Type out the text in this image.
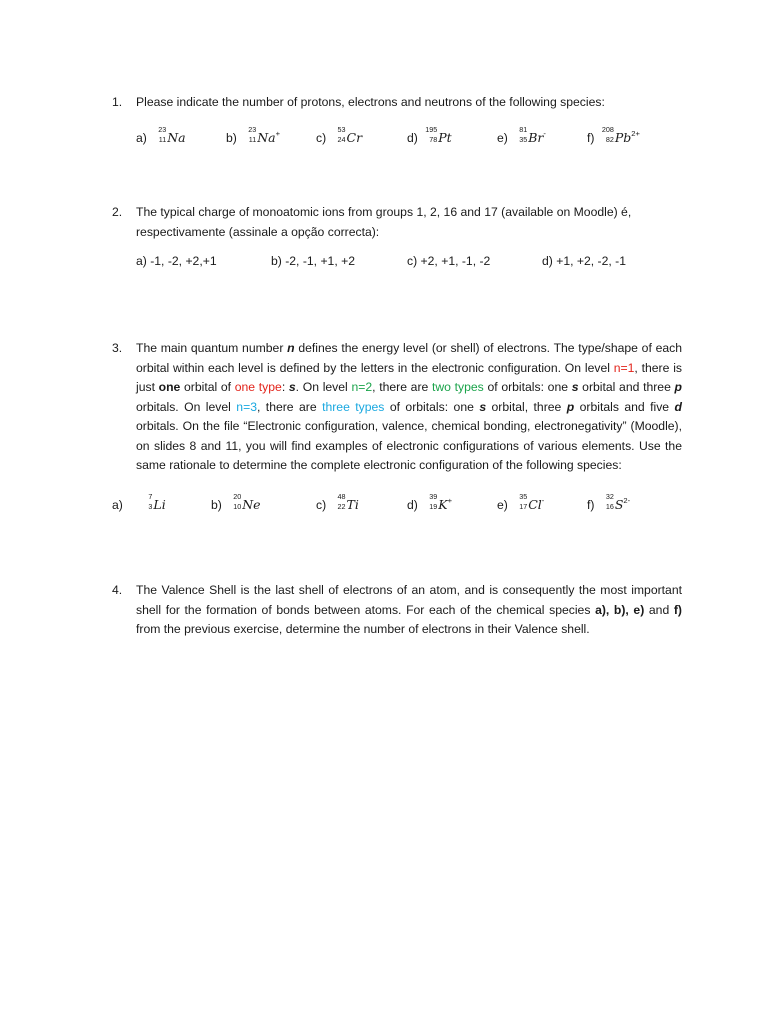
1.	Please indicate the number of protons, electrons and neutrons of the following species:
a)
23
11 Na	b)
23
11 Na+	c)
53
24 Cr	d)
195
78 Pt	e)
81
35 Br-	f)
208
82 $Pb^{2+}$
2.	The typical charge of monoatomic ions from groups 1, 2, 16 and 17 (available on Moodle) é, respectivamente (assinale a opção correcta):
a) -1, -2, +2,+1	b) -2, -1, +1, +2	c) +2, +1, -1, -2	d) +1, +2, -2, -1
3.	The main quantum number n defines the energy level (or shell) of electrons. The type/shape of each orbital within each level is defined by the letters in the electronic configuration. On level n=1, there is just one orbital of one type: s. On level n=2, there are two types of orbitals: one s orbital and three p orbitals. On level n=3, there are three types of orbitals: one s orbital, three p orbitals and five d orbitals. On the file “Electronic configuration, valence, chemical bonding, electronegativity” (Moodle), on slides 8 and 11, you will find examples of electronic configurations of various elements. Use the same rationale to determine the complete electronic configuration of the following species:
a)
7
3 Li	b)
20
10 Ne	c)
48
22 Ti	d)
39
19 K+	e)
35
17 Cl-	f)
32
16 $S^{2-}$
4.	The Valence Shell is the last shell of electrons of an atom, and is consequently the most important shell for the formation of bonds between atoms. For each of the chemical species a), b), e) and f) from the previous exercise, determine the number of electrons in their Valence shell.
